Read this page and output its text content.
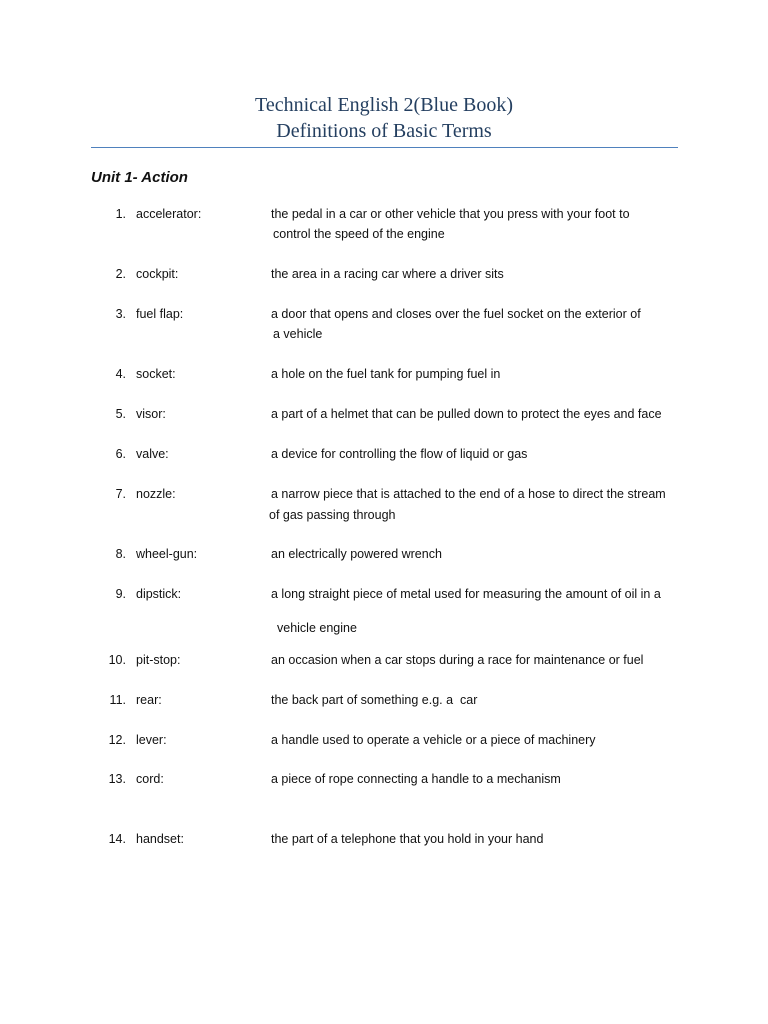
Technical English 2(Blue Book)
Definitions of Basic Terms
Unit 1- Action
1. accelerator:	the pedal in a car or other vehicle that you press with your foot to
control the speed of the engine
2. cockpit:	the area in a racing car where a driver sits
3. fuel flap:	a door that opens and closes over the fuel socket on the exterior of
a vehicle
4. socket:	a hole on the fuel tank for pumping fuel in
5. visor:	a part of a helmet that can be pulled down to protect the eyes and face
6. valve:	a device for controlling the flow of liquid or gas
7. nozzle:	a narrow piece that is attached to the end of a hose to direct the stream
of gas passing through
8. wheel-gun:	an electrically powered wrench
9. dipstick:	a long straight piece of metal used for measuring the amount of oil in a
vehicle engine
10. pit-stop:	an occasion when a car stops during a race for maintenance or fuel
11. rear:	the back part of something e.g. a  car
12. lever:	a handle used to operate a vehicle or a piece of machinery
13. cord:	a piece of rope connecting a handle to a mechanism
14. handset:	the part of a telephone that you hold in your hand
